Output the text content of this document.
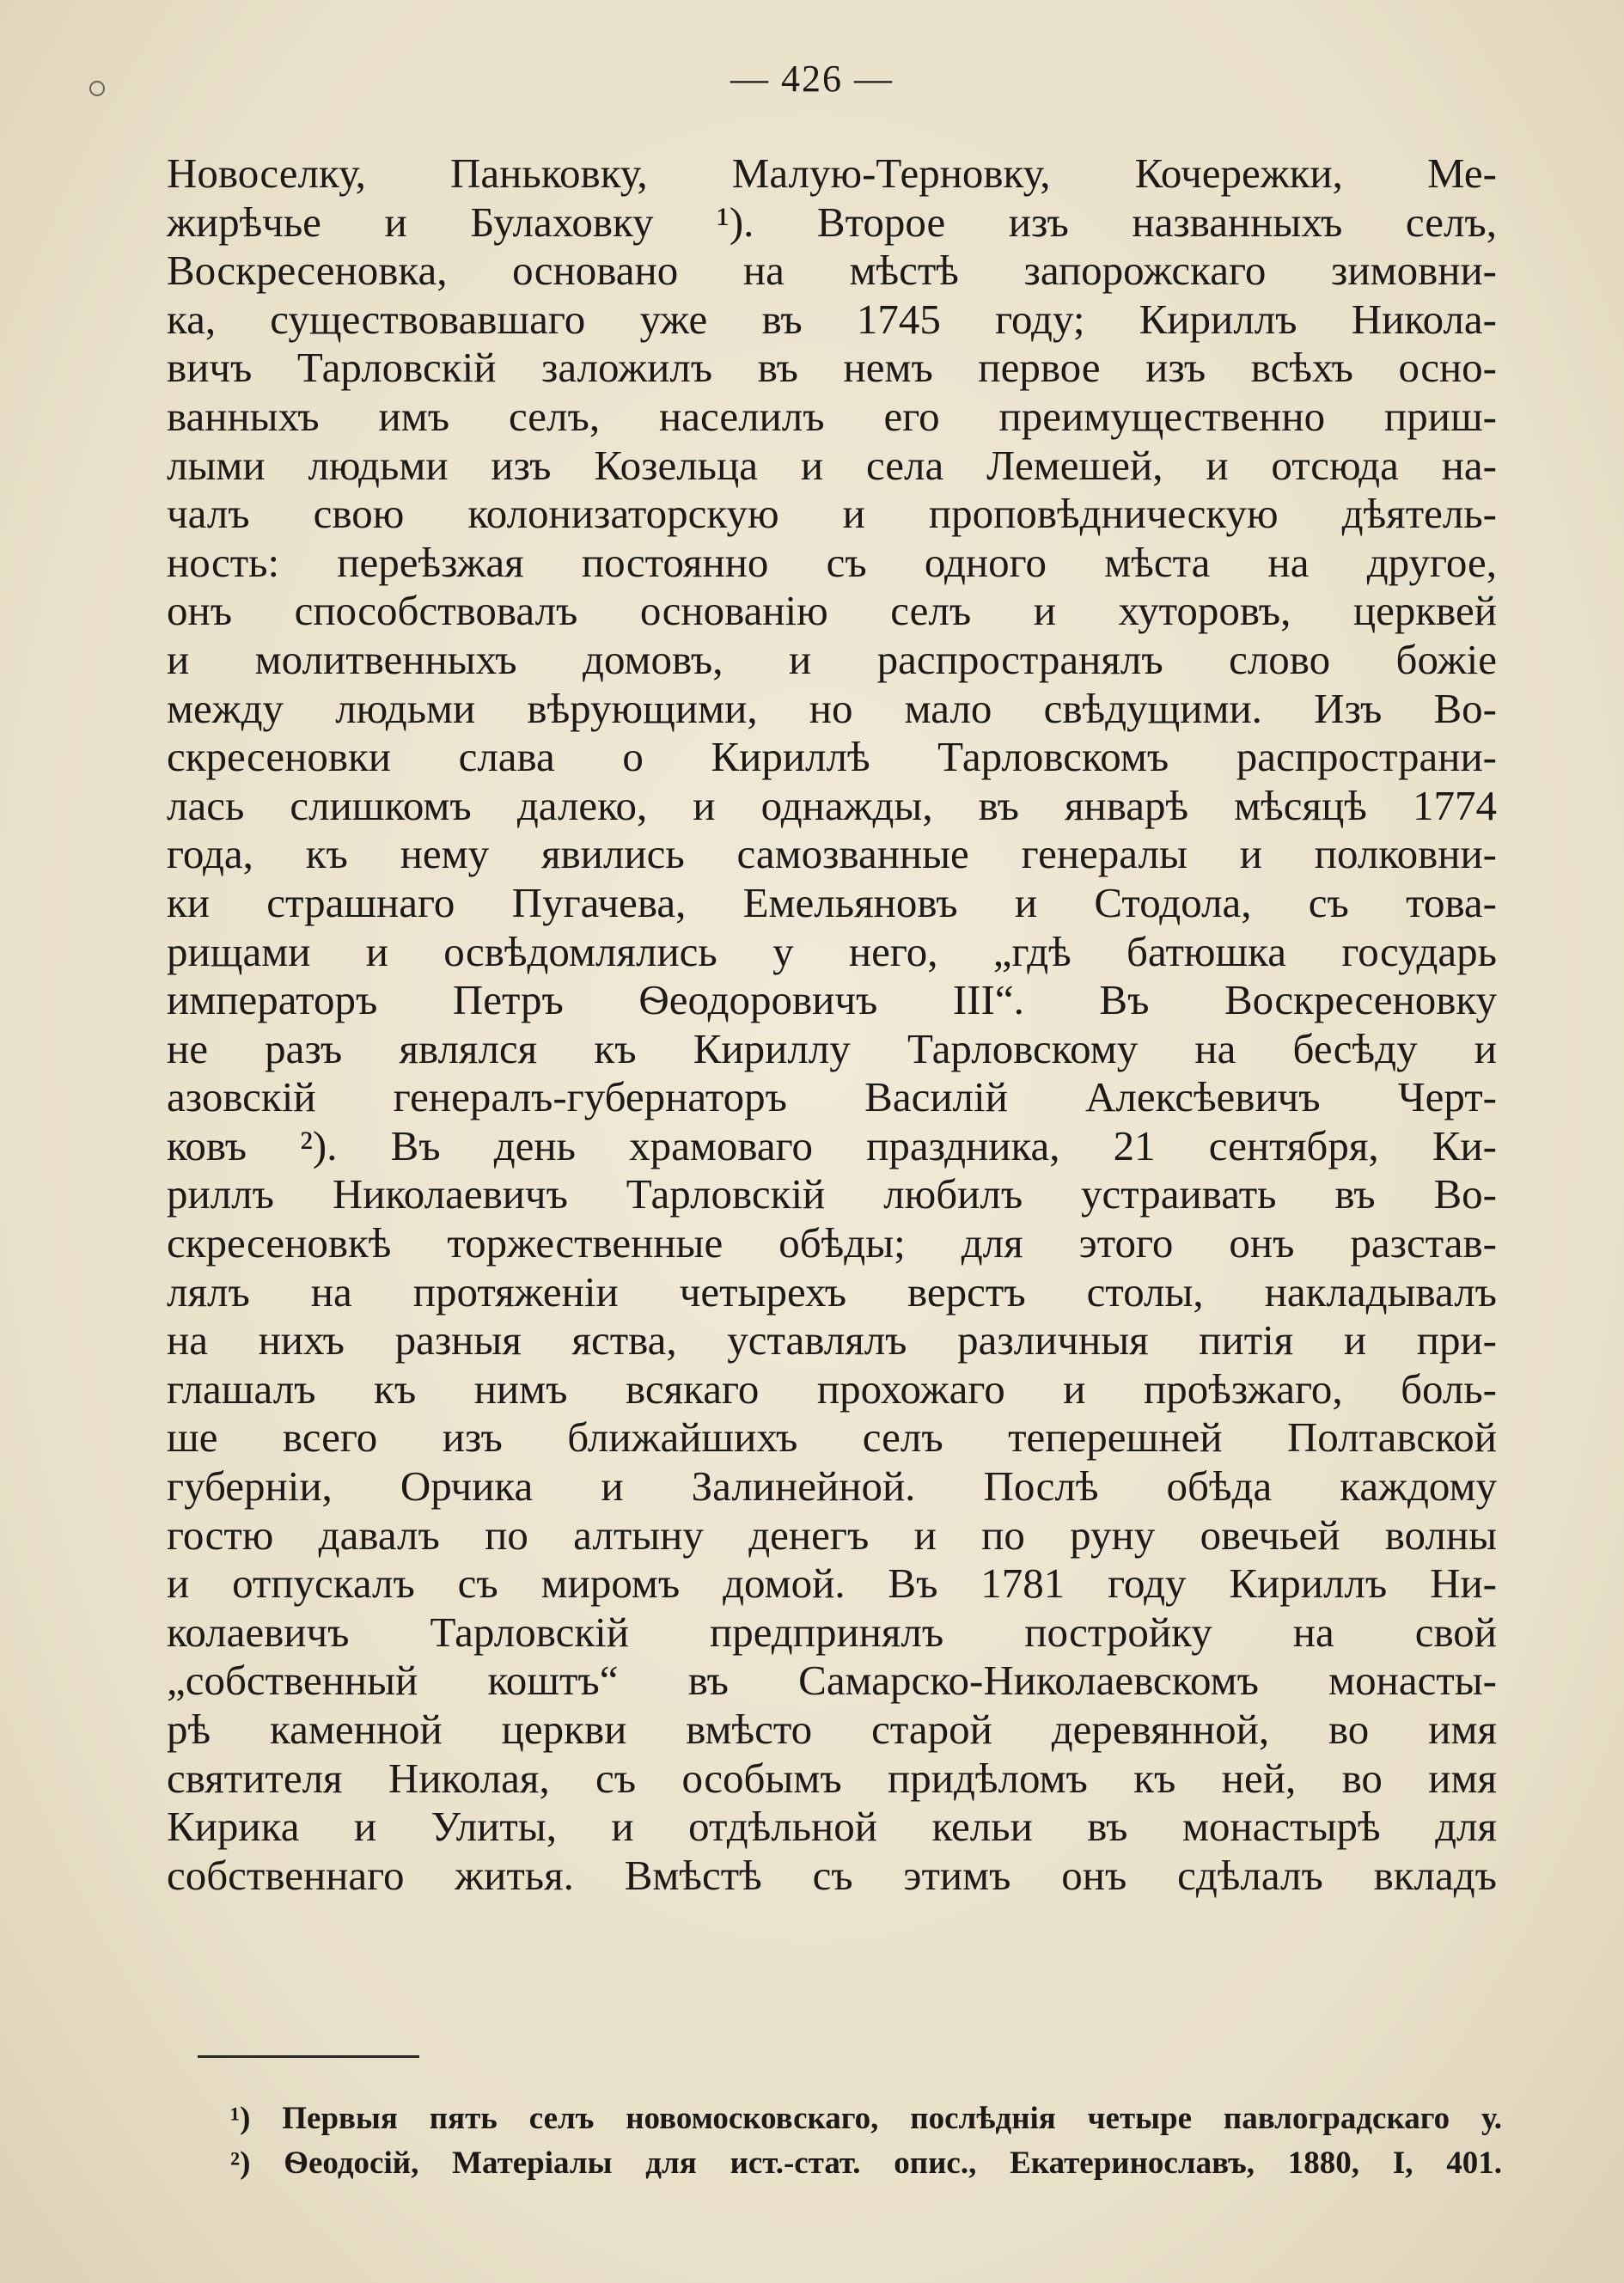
— 426 —
Новоселку, Паньковку, Малую-Терновку, Кочережки, Ме-
жирѣчье и Булаховку ¹). Второе изъ названныхъ селъ,
Воскресеновка, основано на мѣстѣ запорожскаго зимовни-
ка, существовавшаго уже въ 1745 году; Кириллъ Никола-
вичъ Тарловскій заложилъ въ немъ первое изъ всѣхъ осно-
ванныхъ имъ селъ, населилъ его преимущественно приш-
лыми людьми изъ Козельца и села Лемешей, и отсюда на-
чалъ свою колонизаторскую и проповѣдническую дѣятель-
ность: переѣзжая постоянно съ одного мѣста на другое,
онъ способствовалъ основанію селъ и хуторовъ, церквей
и молитвенныхъ домовъ, и распространялъ слово божіе
между людьми вѣрующими, но мало свѣдущими. Изъ Во-
скресеновки слава о Кириллѣ Тарловскомъ распространи-
лась слишкомъ далеко, и однажды, въ январѣ мѣсяцѣ 1774
года, къ нему явились самозванные генералы и полковни-
ки страшнаго Пугачева, Емельяновъ и Стодола, съ това-
рищами и освѣдомлялись у него, „гдѣ батюшка государь
императоръ Петръ Ѳеодоровичъ III“. Въ Воскресеновку
не разъ являлся къ Кириллу Тарловскому на бесѣду и
азовскій генералъ-губернаторъ Василій Алексѣевичъ Черт-
ковъ ²). Въ день храмоваго праздника, 21 сентября, Ки-
риллъ Николаевичъ Тарловскій любилъ устраивать въ Во-
скресеновкѣ торжественные обѣды; для этого онъ разстав-
лялъ на протяженіи четырехъ верстъ столы, накладывалъ
на нихъ разныя яства, уставлялъ различныя питія и при-
глашалъ къ нимъ всякаго прохожаго и проѣзжаго, боль-
ше всего изъ ближайшихъ селъ теперешней Полтавской
губерніи, Орчика и Залинейной. Послѣ обѣда каждому
гостю давалъ по алтыну денегъ и по руну овечьей волны
и отпускалъ съ миромъ домой. Въ 1781 году Кириллъ Ни-
колаевичъ Тарловскій предпринялъ постройку на свой
„собственный коштъ“ въ Самарско-Николаевскомъ монасты-
рѣ каменной церкви вмѣсто старой деревянной, во имя
святителя Николая, съ особымъ придѣломъ къ ней, во имя
Кирика и Улиты, и отдѣльной кельи въ монастырѣ для
собственнаго житья. Вмѣстѣ съ этимъ онъ сдѣлалъ вкладъ
¹) Первыя пять селъ новомосковскаго, послѣднія четыре павлоградскаго у.
²) Ѳеодосій, Матеріалы для ист.-стат. опис., Екатеринославъ, 1880, I, 401.
